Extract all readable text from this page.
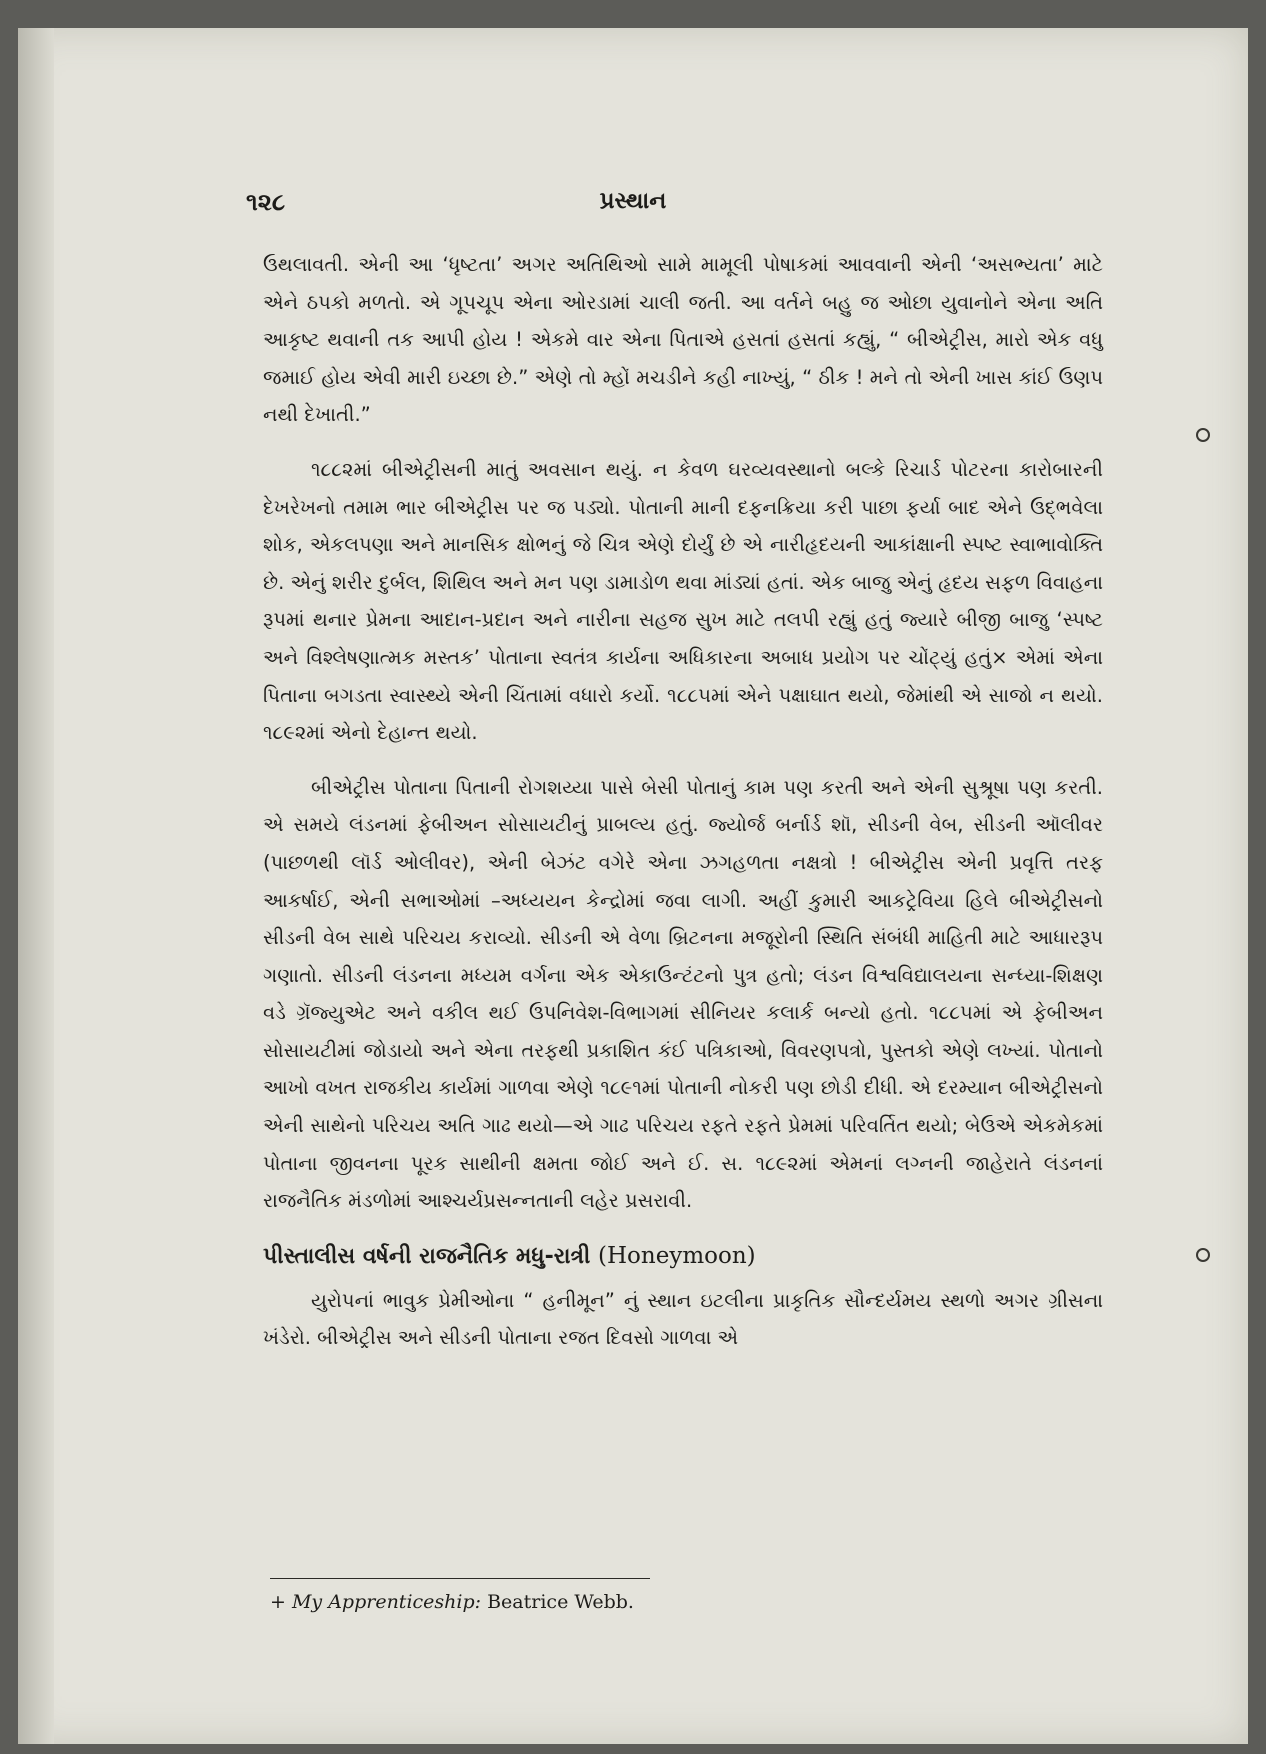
૧૨૮	પ્રસ્થાન

ઉથલાવતી. એની આ ‘ધૃષ્ટતા’ અગર અતિથિઓ સામે મામૂલી પોષાકમાં આવવાની એની ‘અસભ્યતા’ માટે એને ઠપકો મળતો. એ ગૂપચૂપ એના ઓરડામાં ચાલી જતી. આ વર્તને બહુ જ ઓછા યુવાનોને એના અતિ આકૃષ્ટ થવાની તક આપી હોય ! એકમે વાર એના પિતાએ હસતાં હસતાં કહ્યું, “ બીએટ્રીસ, મારો એક વધુ જમાઈ હોય એવી મારી ઇચ્છા છે.” એણે તો મ્હોં મચડીને કહી નાખ્યું, “ ઠીક ! મને તો એની ખાસ કાંઈ ઉણપ નથી દેખાતી.”

૧૮૮૨માં બીએટ્રીસની માતું અવસાન થયું. ન કેવળ ઘરવ્યવસ્થાનો બલ્કે રિચાર્ડ પોટરના કારોબારની દેખરેખનો તમામ ભાર બીએટ્રીસ પર જ પડ્યો. પોતાની માની દફનક્રિયા કરી પાછા ફર્યા બાદ એને ઉદ્ભવેલા શોક, એકલપણા અને માનસિક ક્ષોભનું જે ચિત્ર એણે દોર્યું છે એ નારીહૃદયની આકાંક્ષાની સ્પષ્ટ સ્વાભાવોક્તિ છે. એનું શરીર દુર્બલ, શિથિલ અને મન પણ ડામાડોળ થવા માંડ્યાં હતાં. એક બાજુ એનું હૃદય સફળ વિવાહના રૂપમાં થનાર પ્રેમના આદાન-પ્રદાન અને નારીના સહજ સુખ માટે તલપી રહ્યું હતું જ્યારે બીજી બાજુ ‘સ્પષ્ટ અને વિશ્લેષણાત્મક મસ્તક’ પોતાના સ્વતંત્ર કાર્યના અધિકારના અબાધ પ્રયોગ પર ચોંટ્યું હતું× એમાં એના પિતાના બગડતા સ્વાસ્થ્યે એની ચિંતામાં વધારો કર્યો. ૧૮૮૫માં એને પક્ષાઘાત થયો, જેમાંથી એ સાજો ન થયો. ૧૮૯૨માં એનો દેહાન્ત થયો.

બીએટ્રીસ પોતાના પિતાની રોગશય્યા પાસે બેસી પોતાનું કામ પણ કરતી અને એની સુશ્રૂષા પણ કરતી. એ સમયે લંડનમાં ફેબીઅન સોસાયટીનું પ્રાબલ્ય હતું. જ્યોર્જ બર્નાર્ડ શૉ, સીડની વેબ, સીડની ઑલીવર (પાછળથી લૉર્ડ ઓલીવર), એની બેઝંટ વગેરે એના ઝગહળતા નક્ષત્રો ! બીએટ્રીસ એની પ્રવૃત્તિ તરફ આકર્ષાઈ, એની સભાઓમાં –અધ્યયન કેન્દ્રોમાં જવા લાગી. અહીં કુમારી આકટ્રેવિયા હિલે બીએટ્રીસનો સીડની વેબ સાથે પરિચય કરાવ્યો. સીડની એ વેળા બ્રિટનના મજૂરોની સ્થિતિ સંબંધી માહિતી માટે આધારરૂપ ગણાતો. સીડની લંડનના મધ્યમ વર્ગના એક એકાઉન્ટંટનો પુત્ર હતો; લંડન વિશ્વવિદ્યાલયના સન્ધ્યા-શિક્ષણ વડે ગ્રૅજ્યુએટ અને વકીલ થઈ ઉપનિવેશ-વિભાગમાં સીનિયર કલાર્ક બન્યો હતો. ૧૮૮૫માં એ ફેબીઅન સોસાયટીમાં જોડાયો અને એના તરફથી પ્રકાશિત કંઈ પત્રિકાઓ, વિવરણપત્રો, પુસ્તકો એણે લખ્યાં. પોતાનો આખો વખત રાજકીય કાર્યમાં ગાળવા એણે ૧૮૯૧માં પોતાની નોકરી પણ છોડી દીધી. એ દરમ્યાન બીએટ્રીસનો એની સાથેનો પરિચય અતિ ગાઢ થયો—એ ગાઢ પરિચય રફતે રફતે પ્રેમમાં પરિવર્તિત થયો; બેઉએ એકમેકમાં પોતાના જીવનના પૂરક સાથીની ક્ષમતા જોઈ અને ઈ. સ. ૧૮૯૨માં એમનાં લગ્નની જાહેરાતે લંડનનાં રાજનૈતિક મંડળોમાં આશ્ચર્યપ્રસન્નતાની લહેર પ્રસરાવી.

પીસ્તાલીસ વર્ષની રાજનૈતિક મધુ-રાત્રી (Honeymoon)

યુરોપનાં ભાવુક પ્રેમીઓના “ હનીમૂન” નું સ્થાન ઇટલીના પ્રાકૃતિક સૌન્દર્યમય સ્થળો અગર ગ્રીસના ખંડેરો. બીએટ્રીસ અને સીડની પોતાના રજત દિવસો ગાળવા એ

+ My Apprenticeship: Beatrice Webb.
